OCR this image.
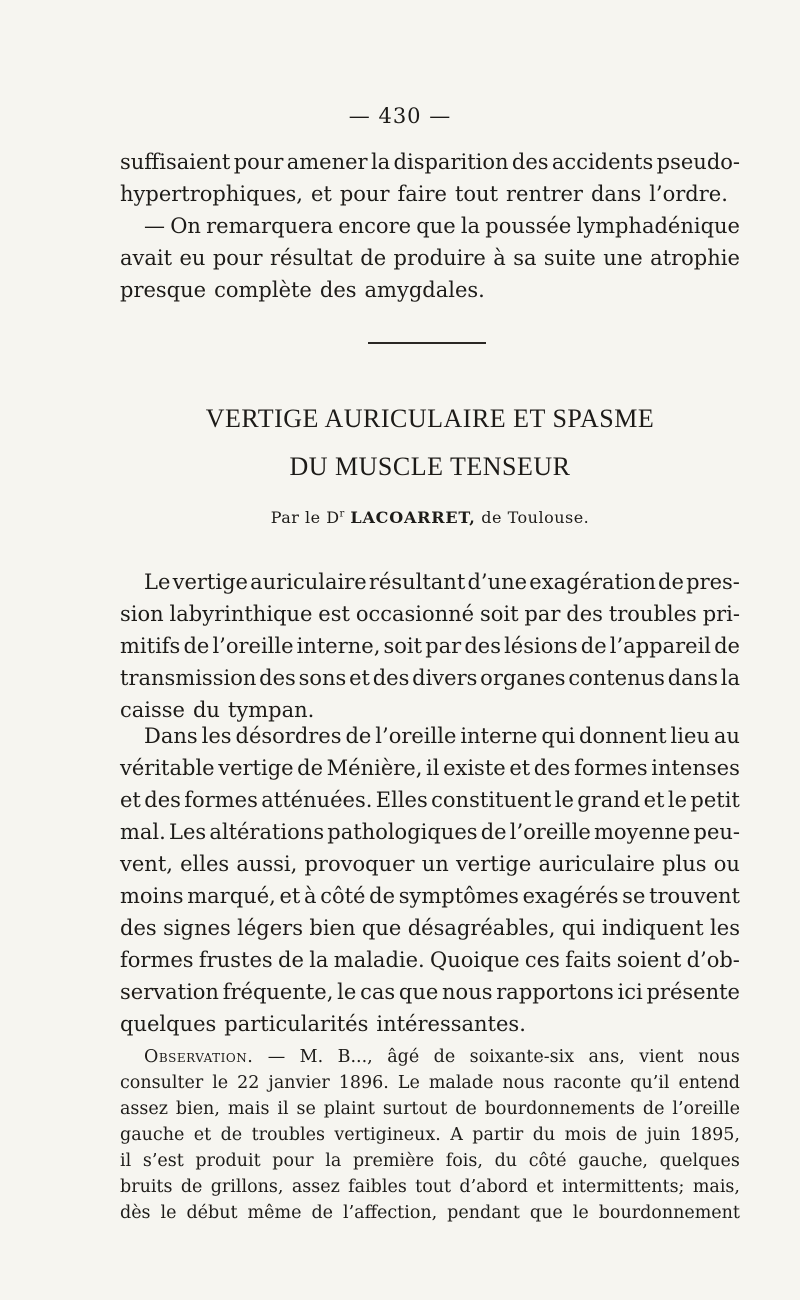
— 430 —
suffisaient pour amener la disparition des accidents pseudo-
hypertrophiques, et pour faire tout rentrer dans l’ordre.
— On remarquera encore que la poussée lymphadénique
avait eu pour résultat de produire à sa suite une atrophie
presque complète des amygdales.
VERTIGE AURICULAIRE ET SPASME
DU MUSCLE TENSEUR
Par le $D^r$ LACOARRET, de Toulouse.
Le vertige auriculaire résultant d’une exagération de pres-
sion labyrinthique est occasionné soit par des troubles pri-
mitifs de l’oreille interne, soit par des lésions de l’appareil de
transmission des sons et des divers organes contenus dans la
caisse du tympan.
Dans les désordres de l’oreille interne qui donnent lieu au
véritable vertige de Ménière, il existe et des formes intenses
et des formes atténuées. Elles constituent le grand et le petit
mal. Les altérations pathologiques de l’oreille moyenne peu-
vent, elles aussi, provoquer un vertige auriculaire plus ou
moins marqué, et à côté de symptômes exagérés se trouvent
des signes légers bien que désagréables, qui indiquent les
formes frustes de la maladie. Quoique ces faits soient d’ob-
servation fréquente, le cas que nous rapportons ici présente
quelques particularités intéressantes.
Observation. — M. B..., âgé de soixante-six ans, vient nous
consulter le 22 janvier 1896. Le malade nous raconte qu’il entend
assez bien, mais il se plaint surtout de bourdonnements de l’oreille
gauche et de troubles vertigineux. A partir du mois de juin 1895,
il s’est produit pour la première fois, du côté gauche, quelques
bruits de grillons, assez faibles tout d’abord et intermittents; mais,
dès le début même de l’affection, pendant que le bourdonnement
